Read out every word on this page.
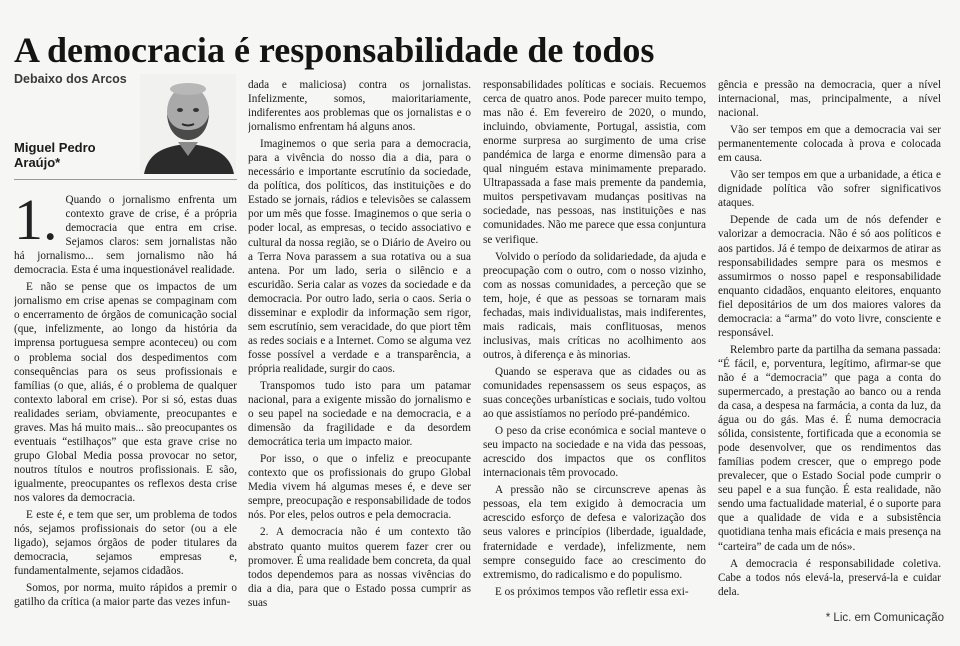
A democracia é responsabilidade de todos
Debaixo dos Arcos
Miguel Pedro Araújo*

1. Quando o jornalismo enfrenta um contexto grave de crise, é a própria democracia que entra em crise. Sejamos claros: sem jornalistas não há jornalismo... sem jornalismo não há democracia. Esta é uma inquestionável realidade.

E não se pense que os impactos de um jornalismo em crise apenas se compaginam com o encerramento de órgãos de comunicação social (que, infelizmente, ao longo da história da imprensa portuguesa sempre aconteceu) ou com o problema social dos despedimentos com consequências para os seus profissionais e famílias (o que, aliás, é o problema de qualquer contexto laboral em crise). Por si só, estas duas realidades seriam, obviamente, preocupantes e graves. Mas há muito mais... são preocupantes os eventuais “estilhaços” que esta grave crise no grupo Global Media possa provocar no setor, noutros títulos e noutros profissionais. E são, igualmente, preocupantes os reflexos desta crise nos valores da democracia.

E este é, e tem que ser, um problema de todos nós, sejamos profissionais do setor (ou a ele ligado), sejamos órgãos de poder titulares da democracia, sejamos empresas e, fundamentalmente, sejamos cidadãos.

Somos, por norma, muito rápidos a premir o gatilho da crítica (a maior parte das vezes infun-

dada e maliciosa) contra os jornalistas. Infelizmente, somos, maioritariamente, indiferentes aos problemas que os jornalistas e o jornalismo enfrentam há alguns anos.

Imaginemos o que seria para a democracia, para a vivência do nosso dia a dia, para o necessário e importante escrutínio da sociedade, da política, dos políticos, das instituições e do Estado se jornais, rádios e televisões se calassem por um mês que fosse. Imaginemos o que seria o poder local, as empresas, o tecido associativo e cultural da nossa região, se o Diário de Aveiro ou a Terra Nova parassem a sua rotativa ou a sua antena. Por um lado, seria o silêncio e a escuridão. Seria calar as vozes da sociedade e da democracia. Por outro lado, seria o caos. Seria o disseminar e explodir da informação sem rigor, sem escrutínio, sem veracidade, do que piort têm as redes sociais e a Internet. Como se alguma vez fosse possível a verdade e a transparência, a própria realidade, surgir do caos.

Transpomos tudo isto para um patamar nacional, para a exigente missão do jornalismo e o seu papel na sociedade e na democracia, e a dimensão da fragilidade e da desordem democrática teria um impacto maior.

Por isso, o que o infeliz e preocupante contexto que os profissionais do grupo Global Media vivem há algumas meses é, e deve ser sempre, preocupação e responsabilidade de todos nós. Por eles, pelos outros e pela democracia.

2. A democracia não é um contexto tão abstrato quanto muitos querem fazer crer ou promover. É uma realidade bem concreta, da qual todos dependemos para as nossas vivências do dia a dia, para que o Estado possa cumprir as suas

responsabilidades políticas e sociais. Recuemos cerca de quatro anos. Pode parecer muito tempo, mas não é. Em fevereiro de 2020, o mundo, incluindo, obviamente, Portugal, assistia, com enorme surpresa ao surgimento de uma crise pandémica de larga e enorme dimensão para a qual ninguém estava minimamente preparado. Ultrapassada a fase mais premente da pandemia, muitos perspetivavam mudanças positivas na sociedade, nas pessoas, nas instituições e nas comunidades. Não me parece que essa conjuntura se verifique.

Volvido o período da solidariedade, da ajuda e preocupação com o outro, com o nosso vizinho, com as nossas comunidades, a perceção que se tem, hoje, é que as pessoas se tornaram mais fechadas, mais individualistas, mais indiferentes, mais radicais, mais conflituosas, menos inclusivas, mais críticas no acolhimento aos outros, à diferença e às minorias.

Quando se esperava que as cidades ou as comunidades repensassem os seus espaços, as suas conceções urbanísticas e sociais, tudo voltou ao que assistíamos no período pré-pandémico.

O peso da crise económica e social manteve o seu impacto na sociedade e na vida das pessoas, acrescido dos impactos que os conflitos internacionais têm provocado.

A pressão não se circunscreve apenas às pessoas, ela tem exigido à democracia um acrescido esforço de defesa e valorização dos seus valores e princípios (liberdade, igualdade, fraternidade e verdade), infelizmente, nem sempre conseguido face ao crescimento do extremismo, do radicalismo e do populismo.

E os próximos tempos vão refletir essa exi-

gência e pressão na democracia, quer a nível internacional, mas, principalmente, a nível nacional.

Vão ser tempos em que a democracia vai ser permanentemente colocada à prova e colocada em causa.

Vão ser tempos em que a urbanidade, a ética e dignidade política vão sofrer significativos ataques.

Depende de cada um de nós defender e valorizar a democracia. Não é só aos políticos e aos partidos. Já é tempo de deixarmos de atirar as responsabilidades sempre para os mesmos e assumirmos o nosso papel e responsabilidade enquanto cidadãos, enquanto eleitores, enquanto fiel depositários de um dos maiores valores da democracia: a “arma” do voto livre, consciente e responsável.

Relembro parte da partilha da semana passada: “É fácil, e, porventura, legítimo, afirmar-se que não é a “democracia” que paga a conta do supermercado, a prestação ao banco ou a renda da casa, a despesa na farmácia, a conta da luz, da água ou do gás. Mas é. É numa democracia sólida, consistente, fortificada que a economia se pode desenvolver, que os rendimentos das famílias podem crescer, que o emprego pode prevalecer, que o Estado Social pode cumprir o seu papel e a sua função. É esta realidade, não sendo uma factualidade material, é o suporte para que a qualidade de vida e a subsistência quotidiana tenha mais eficácia e mais presença na “carteira” de cada um de nós».

A democracia é responsabilidade coletiva. Cabe a todos nós elevá-la, preservá-la e cuidar dela.

* Lic. em Comunicação
